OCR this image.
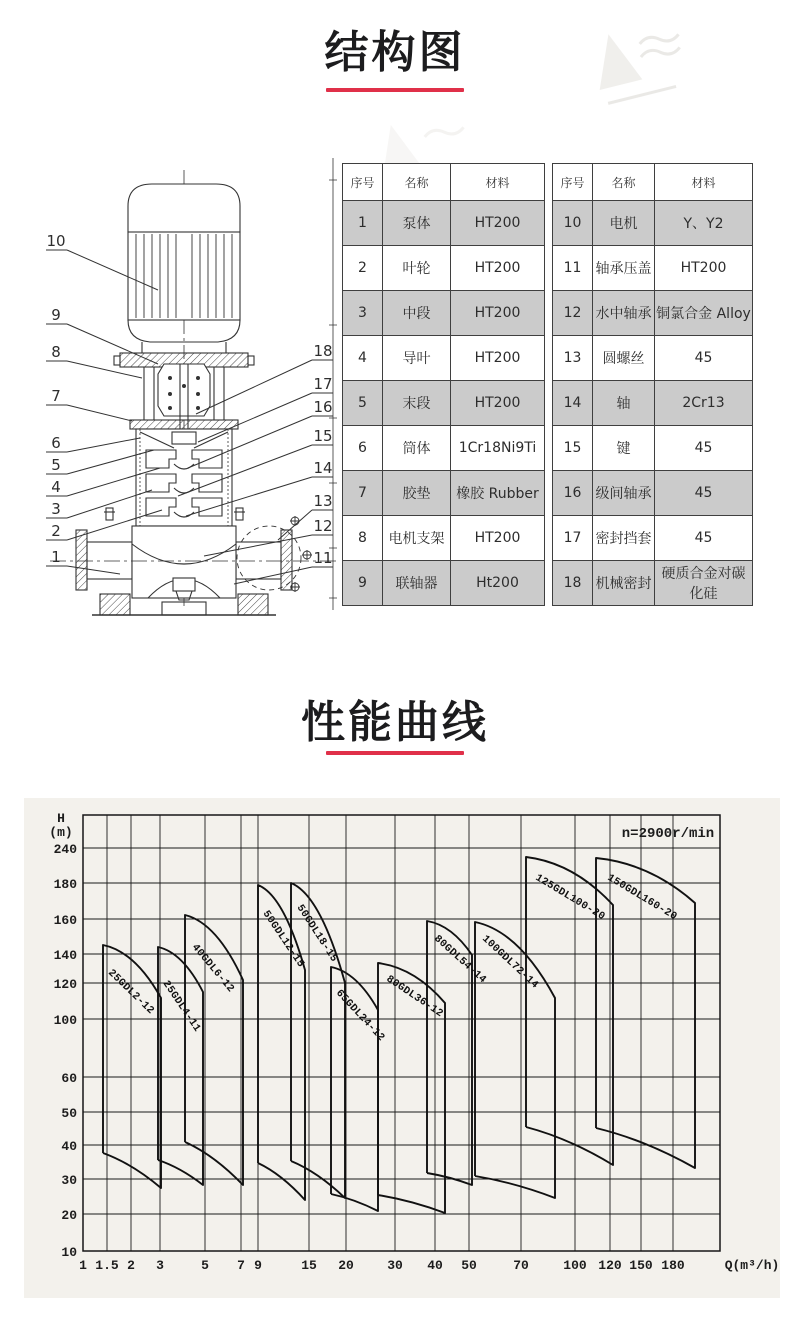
结构图
10
9
8
7
6
5
4
3
2
1
18
17
16
15
14
13
12
11
序号	名称	材料
1	泵体	HT200
2	叶轮	HT200
3	中段	HT200
4	导叶	HT200
5	末段	HT200
6	筒体	1Cr18Ni9Ti
7	胶垫	橡胶 Rubber
8	电机支架	HT200
9	联轴器	Ht200
序号	名称	材料
10	电机	Y、Y2
11	轴承压盖	HT200
12	水中轴承	铜氯合金 Alloy
13	圆螺丝	45
14	轴	2Cr13
15	键	45
16	级间轴承	45
17	密封挡套	45
18	机械密封	硬质合金对碳化硅
性能曲线
240
180
160
140
120
100
60
50
40
30
20
10
1 1.5 2 3	5 7 9	15 20	30 40 50	70	100 120 150 180
H
(m)
Q(m³/h)
n=2900r/min
25GDL2-12 25GDL4-11
40GDL6-12 50GDL12-15
50GDL18-15
65GDL24-12
80GDL36-12
80GDL54-14
100GDL72-14
125GDL100-20
150GDL160-20
